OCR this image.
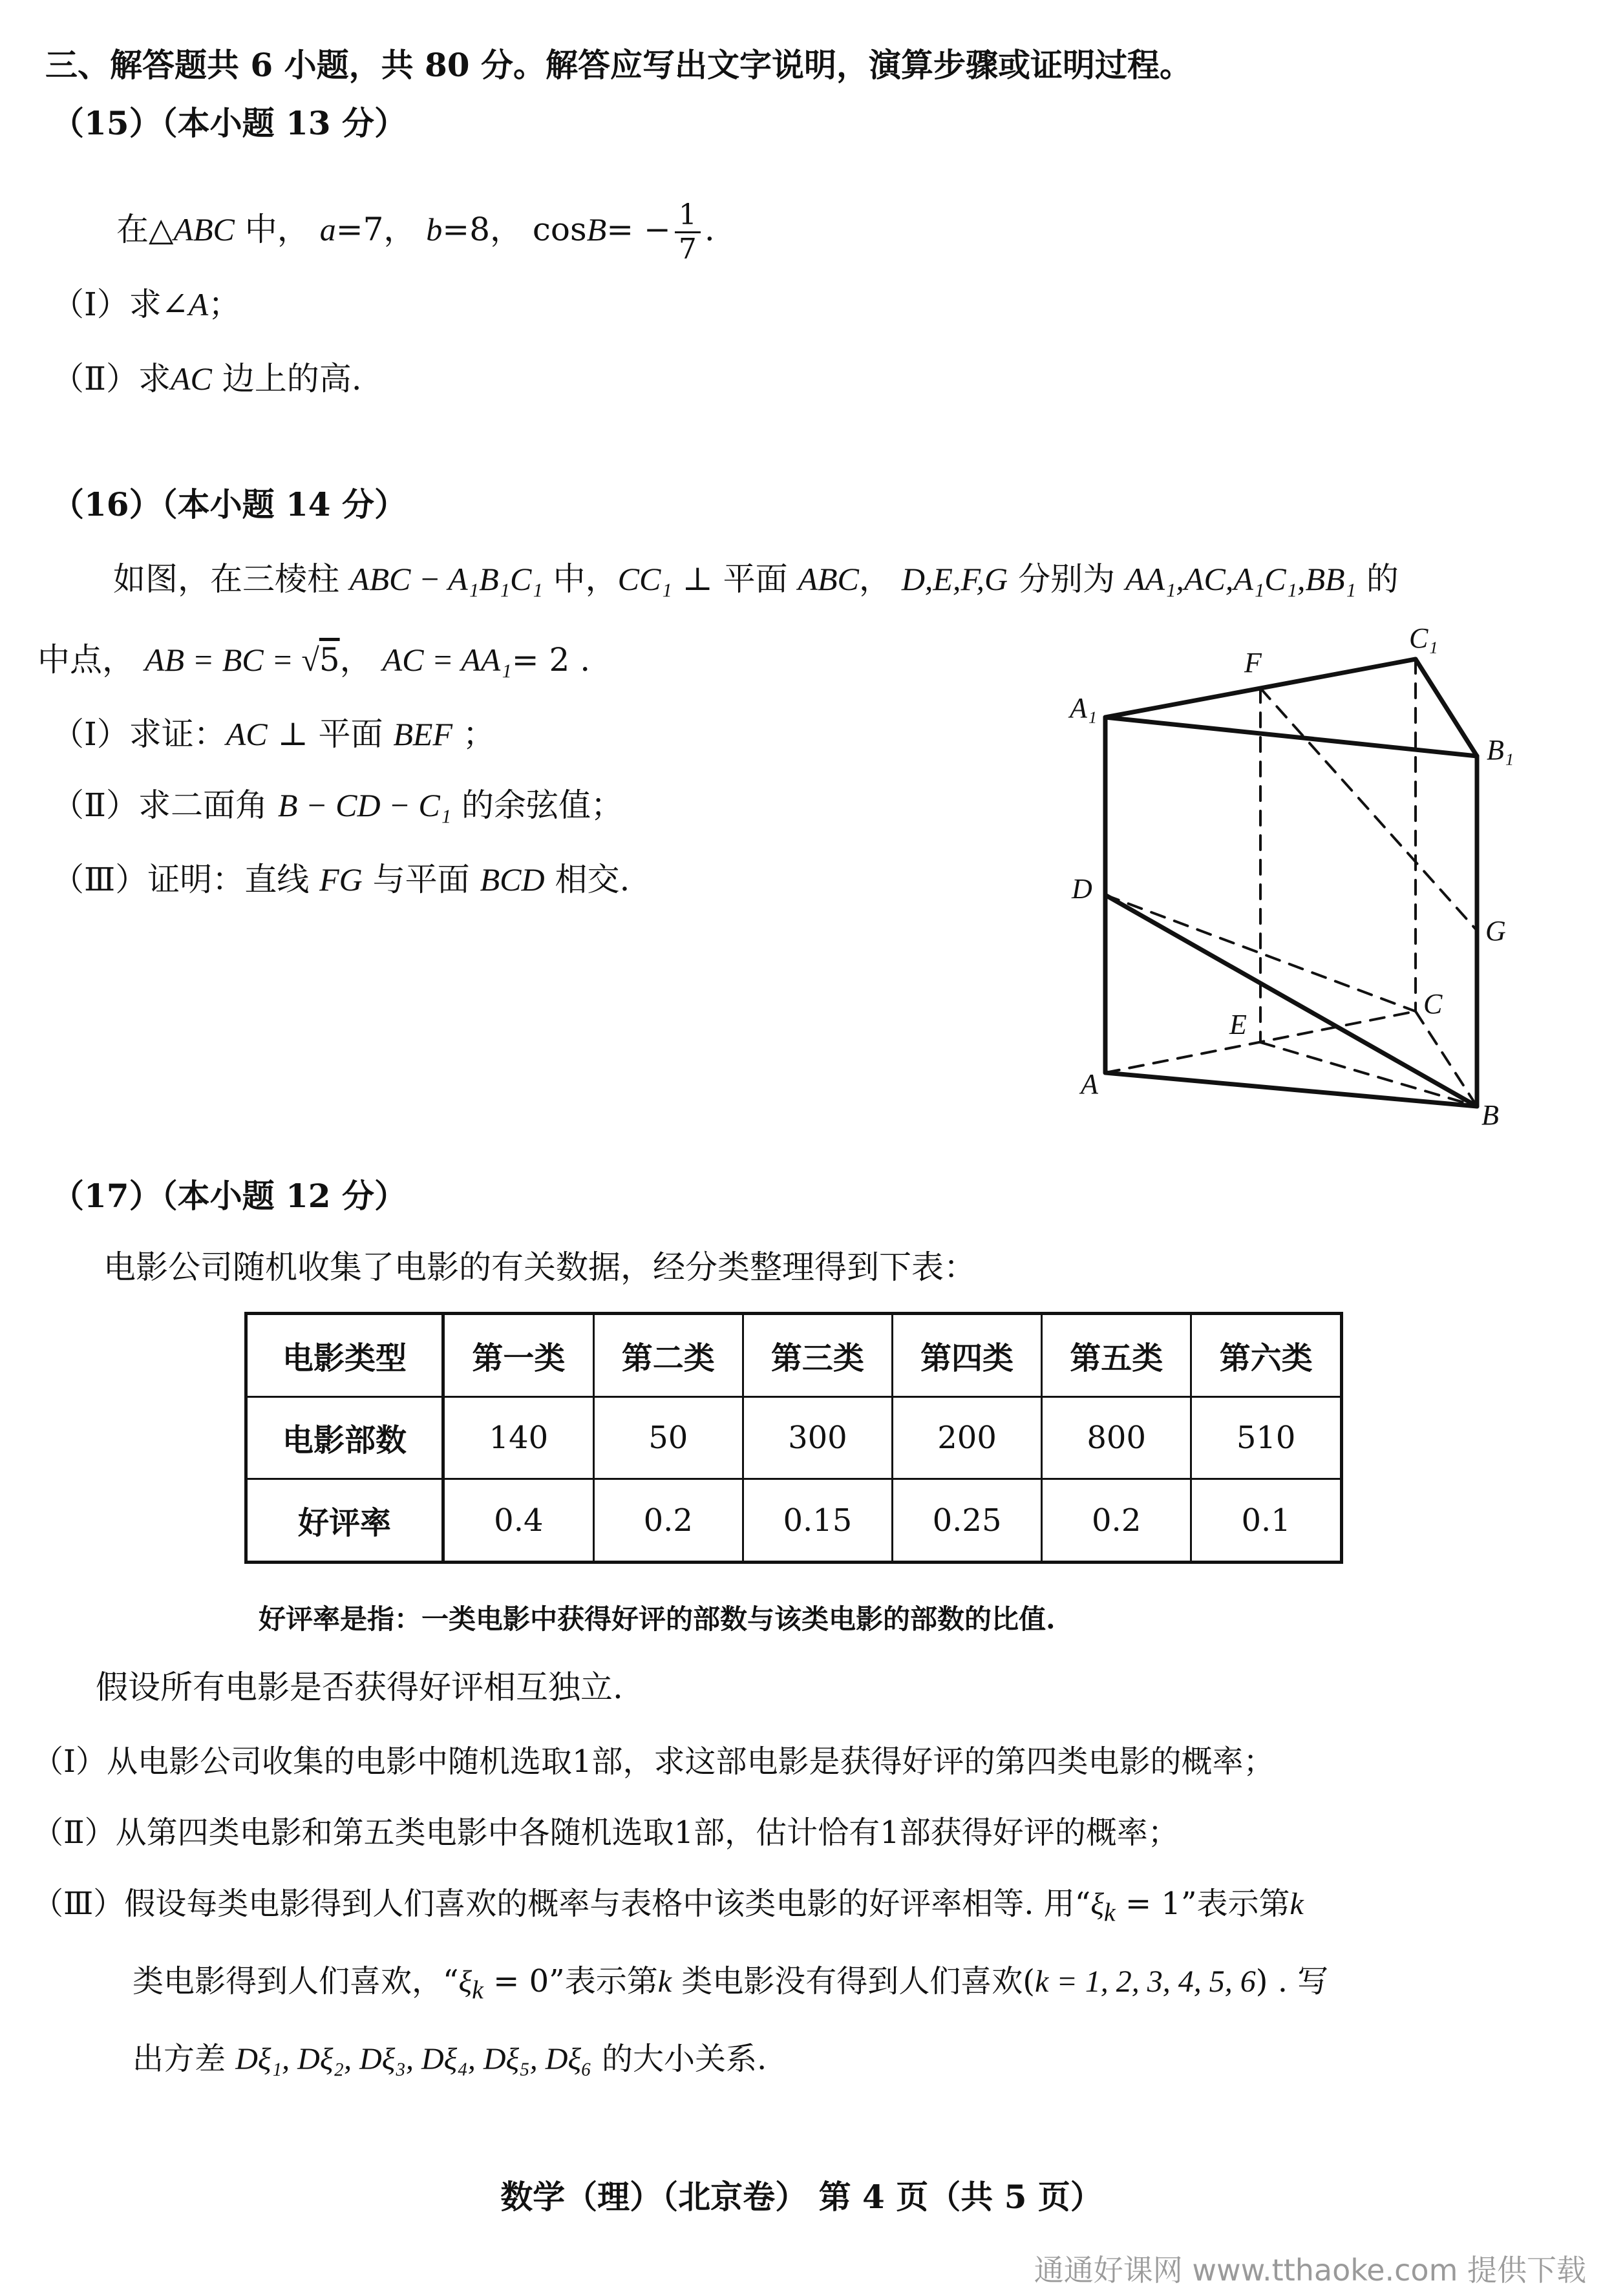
三、解答题共 6 小题，共 80 分。解答应写出文字说明，演算步骤或证明过程。
（15）（本小题 13 分）
在△ABC 中， a=7， b=8， $\cos B= - \frac{1}{7}$ .
（Ⅰ）求∠A；
（Ⅱ）求AC 边上的高.
（16）（本小题 14 分）
如图，在三棱柱 ABC − A₁B₁C₁ 中，CC₁ ⊥ 平面 ABC， D,E,F,G 分别为 AA₁,AC,A₁C₁,BB₁ 的
中点， AB = BC = √5， AC = AA₁= 2 .
（Ⅰ）求证：AC ⊥ 平面 BEF ；
（Ⅱ）求二面角 B − CD − C₁ 的余弦值；
（Ⅲ）证明：直线 FG 与平面 BCD 相交.
A₁
F
C₁
B₁
D
G
E
C
A
B
（17）（本小题 12 分）
电影公司随机收集了电影的有关数据，经分类整理得到下表：
电影类型	第一类	第二类	第三类	第四类	第五类	第六类
电影部数	140	50	300	200	800	510
好评率	0.4	0.2	0.15	0.25	0.2	0.1
好评率是指：一类电影中获得好评的部数与该类电影的部数的比值.
假设所有电影是否获得好评相互独立.
（Ⅰ）从电影公司收集的电影中随机选取1部，求这部电影是获得好评的第四类电影的概率；
（Ⅱ）从第四类电影和第五类电影中各随机选取1部，估计恰有1部获得好评的概率；
（Ⅲ）假设每类电影得到人们喜欢的概率与表格中该类电影的好评率相等. 用“$\xi_k = 1$”表示第k
类电影得到人们喜欢，“$\xi_k = 0$”表示第k 类电影没有得到人们喜欢(k = 1, 2, 3, 4, 5, 6) . 写
出方差 Dξ₁, Dξ₂, Dξ₃, Dξ₄, Dξ₅, Dξ₆ 的大小关系.
数学（理）（北京卷） 第 4 页（共 5 页）
通通好课网 www.tthaoke.com 提供下载
